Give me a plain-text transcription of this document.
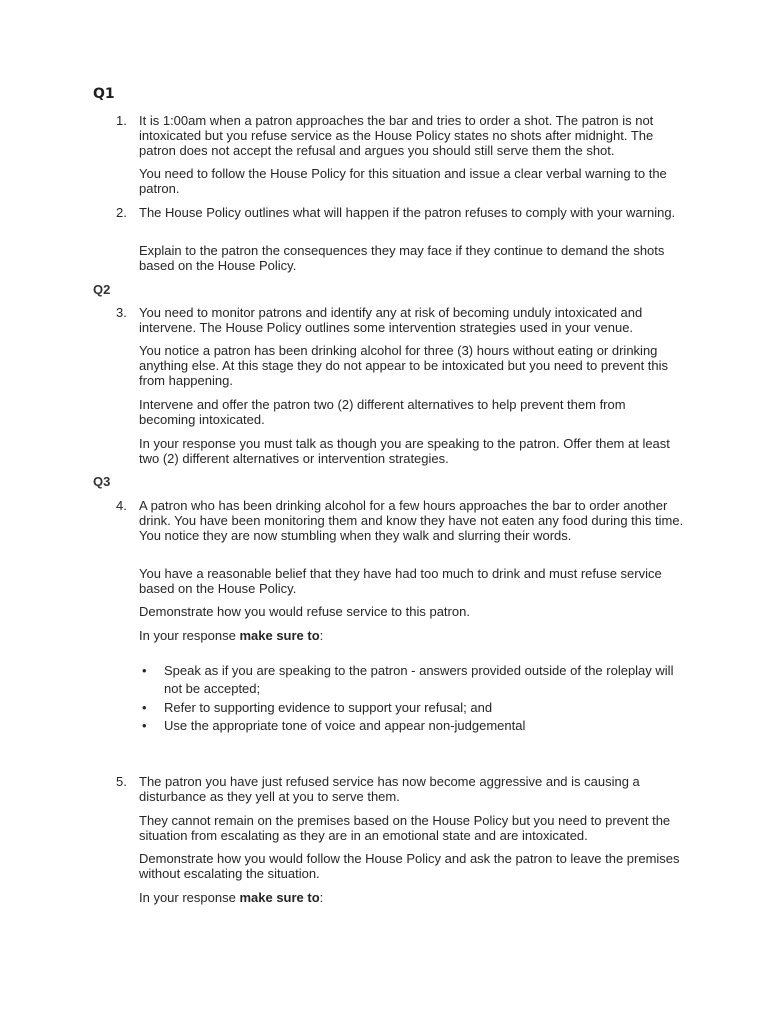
Q1
1. It is 1:00am when a patron approaches the bar and tries to order a shot. The patron is not intoxicated but you refuse service as the House Policy states no shots after midnight. The patron does not accept the refusal and argues you should still serve them the shot.
You need to follow the House Policy for this situation and issue a clear verbal warning to the patron.
2. The House Policy outlines what will happen if the patron refuses to comply with your warning.
Explain to the patron the consequences they may face if they continue to demand the shots based on the House Policy.
Q2
3. You need to monitor patrons and identify any at risk of becoming unduly intoxicated and intervene. The House Policy outlines some intervention strategies used in your venue.
You notice a patron has been drinking alcohol for three (3) hours without eating or drinking anything else. At this stage they do not appear to be intoxicated but you need to prevent this from happening.
Intervene and offer the patron two (2) different alternatives to help prevent them from becoming intoxicated.
In your response you must talk as though you are speaking to the patron. Offer them at least two (2) different alternatives or intervention strategies.
Q3
4. A patron who has been drinking alcohol for a few hours approaches the bar to order another drink. You have been monitoring them and know they have not eaten any food during this time. You notice they are now stumbling when they walk and slurring their words.
You have a reasonable belief that they have had too much to drink and must refuse service based on the House Policy.
Demonstrate how you would refuse service to this patron.
In your response make sure to:
• Speak as if you are speaking to the patron - answers provided outside of the roleplay will not be accepted;
• Refer to supporting evidence to support your refusal; and
• Use the appropriate tone of voice and appear non-judgemental
5. The patron you have just refused service has now become aggressive and is causing a disturbance as they yell at you to serve them.
They cannot remain on the premises based on the House Policy but you need to prevent the situation from escalating as they are in an emotional state and are intoxicated.
Demonstrate how you would follow the House Policy and ask the patron to leave the premises without escalating the situation.
In your response make sure to:
